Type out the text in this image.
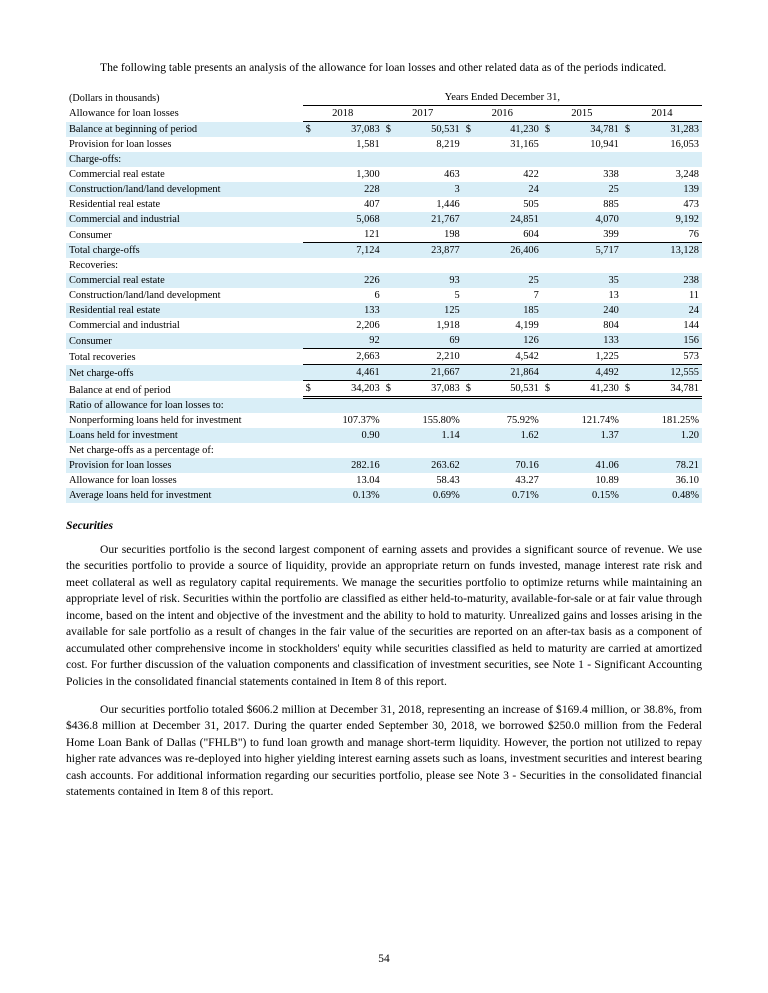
The following table presents an analysis of the allowance for loan losses and other related data as of the periods indicated.

(Dollars in thousands)	Years Ended December 31,									
Allowance for loan losses	2018		2017		2016		2015		2014	
Balance at beginning of period	$	37,083	$	50,531	$	41,230	$	34,781	$	31,283
Provision for loan losses		1,581		8,219		31,165		10,941		16,053
Charge-offs:										
Commercial real estate		1,300		463		422		338		3,248
Construction/land/land development		228		3		24		25		139
Residential real estate		407		1,446		505		885		473
Commercial and industrial		5,068		21,767		24,851		4,070		9,192
Consumer		121		198		604		399		76
Total charge-offs		7,124		23,877		26,406		5,717		13,128
Recoveries:										
Commercial real estate		226		93		25		35		238
Construction/land/land development		6		5		7		13		11
Residential real estate		133		125		185		240		24
Commercial and industrial		2,206		1,918		4,199		804		144
Consumer		92		69		126		133		156
Total recoveries		2,663		2,210		4,542		1,225		573
Net charge-offs		4,461		21,667		21,864		4,492		12,555
Balance at end of period	$	34,203	$	37,083	$	50,531	$	41,230	$	34,781
Ratio of allowance for loan losses to:										
Nonperforming loans held for investment		107.37%		155.80%		75.92%		121.74%		181.25%
Loans held for investment		0.90		1.14		1.62		1.37		1.20
Net charge-offs as a percentage of:										
Provision for loan losses		282.16		263.62		70.16		41.06		78.21
Allowance for loan losses		13.04		58.43		43.27		10.89		36.10
Average loans held for investment		0.13%		0.69%		0.71%		0.15%		0.48%
Securities

Our securities portfolio is the second largest component of earning assets and provides a significant source of revenue. We use the securities portfolio to provide a source of liquidity, provide an appropriate return on funds invested, manage interest rate risk and meet collateral as well as regulatory capital requirements. We manage the securities portfolio to optimize returns while maintaining an appropriate level of risk. Securities within the portfolio are classified as either held-to-maturity, available-for-sale or at fair value through income, based on the intent and objective of the investment and the ability to hold to maturity. Unrealized gains and losses arising in the available for sale portfolio as a result of changes in the fair value of the securities are reported on an after-tax basis as a component of accumulated other comprehensive income in stockholders' equity while securities classified as held to maturity are carried at amortized cost. For further discussion of the valuation components and classification of investment securities, see Note 1 - Significant Accounting Policies in the consolidated financial statements contained in Item 8 of this report.

Our securities portfolio totaled $606.2 million at December 31, 2018, representing an increase of $169.4 million, or 38.8%, from $436.8 million at December 31, 2017. During the quarter ended September 30, 2018, we borrowed $250.0 million from the Federal Home Loan Bank of Dallas ("FHLB") to fund loan growth and manage short-term liquidity. However, the portion not utilized to repay higher rate advances was re-deployed into higher yielding interest earning assets such as loans, investment securities and interest bearing cash accounts. For additional information regarding our securities portfolio, please see Note 3 - Securities in the consolidated financial statements contained in Item 8 of this report.

54
